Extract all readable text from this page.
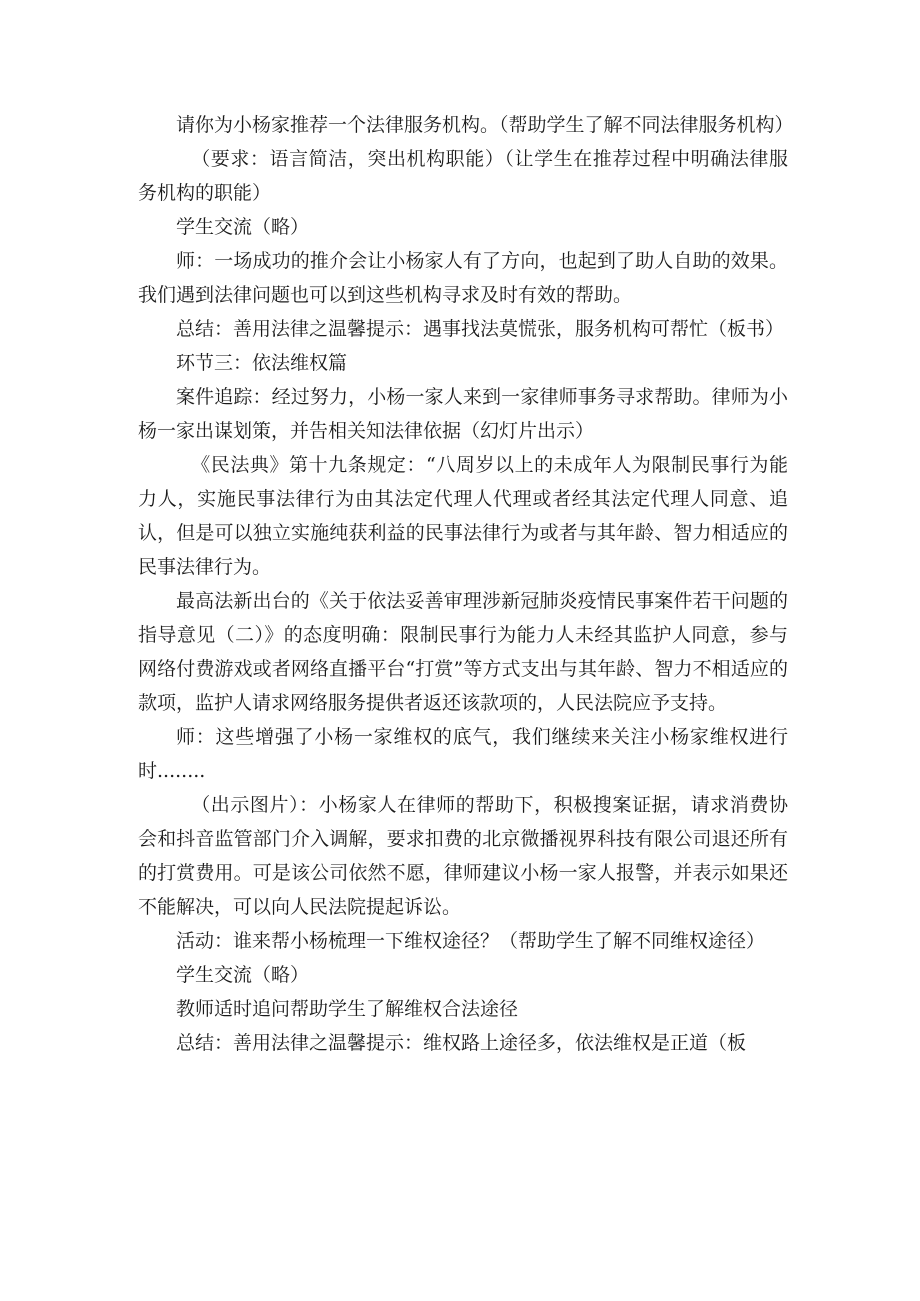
请你为小杨家推荐一个法律服务机构。（帮助学生了解不同法律服务机构）

（要求：语言简洁，突出机构职能）（让学生在推荐过程中明确法律服务机构的职能）

学生交流（略）

师：一场成功的推介会让小杨家人有了方向，也起到了助人自助的效果。我们遇到法律问题也可以到这些机构寻求及时有效的帮助。

总结：善用法律之温馨提示：遇事找法莫慌张，服务机构可帮忙（板书）

环节三：依法维权篇

案件追踪：经过努力，小杨一家人来到一家律师事务寻求帮助。律师为小杨一家出谋划策，并告相关知法律依据（幻灯片出示）

《民法典》第十九条规定：“八周岁以上的未成年人为限制民事行为能力人，实施民事法律行为由其法定代理人代理或者经其法定代理人同意、追认，但是可以独立实施纯获利益的民事法律行为或者与其年龄、智力相适应的民事法律行为。

最高法新出台的《关于依法妥善审理涉新冠肺炎疫情民事案件若干问题的指导意见（二）》的态度明确：限制民事行为能力人未经其监护人同意，参与网络付费游戏或者网络直播平台“打赏”等方式支出与其年龄、智力不相适应的款项，监护人请求网络服务提供者返还该款项的，人民法院应予支持。

师：这些增强了小杨一家维权的底气，我们继续来关注小杨家维权进行时........

（出示图片）：小杨家人在律师的帮助下，积极搜案证据，请求消费协会和抖音监管部门介入调解，要求扣费的北京微播视界科技有限公司退还所有的打赏费用。可是该公司依然不愿，律师建议小杨一家人报警，并表示如果还不能解决，可以向人民法院提起诉讼。

活动：谁来帮小杨梳理一下维权途径？（帮助学生了解不同维权途径）

学生交流（略）

教师适时追问帮助学生了解维权合法途径

总结：善用法律之温馨提示：维权路上途径多，依法维权是正道（板
